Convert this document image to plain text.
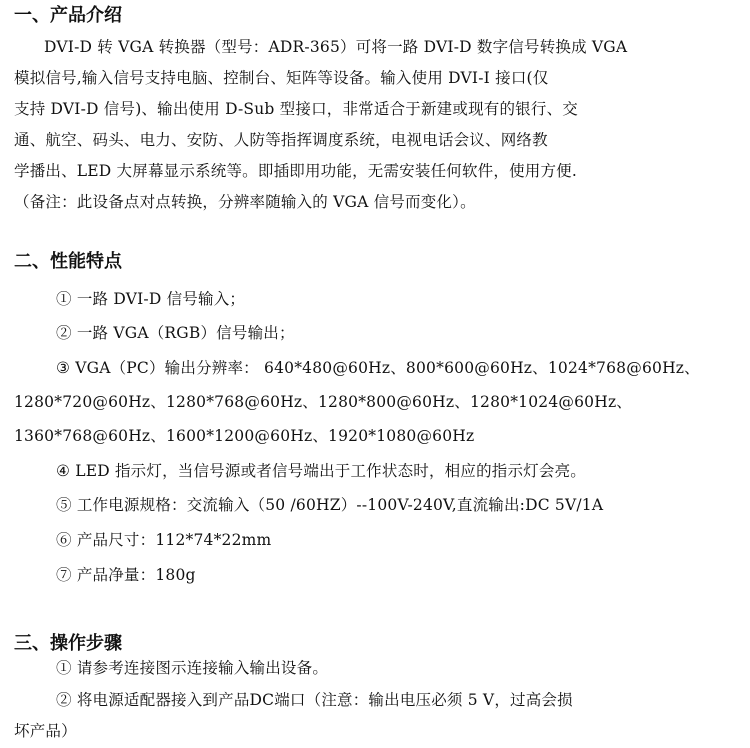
一、产品介绍
DVI-D 转 VGA 转换器（型号：ADR-365）可将一路 DVI-D 数字信号转换成 VGA
模拟信号,输入信号支持电脑、控制台、矩阵等设备。输入使用 DVI-I 接口(仅
支持 DVI-D 信号)、输出使用 D-Sub 型接口，非常适合于新建或现有的银行、交
通、航空、码头、电力、安防、人防等指挥调度系统，电视电话会议、网络教
学播出、LED 大屏幕显示系统等。即插即用功能，无需安装任何软件，使用方便.
（备注：此设备点对点转换，分辨率随输入的 VGA 信号而变化）。
二、性能特点
① 一路 DVI-D 信号输入；
② 一路 VGA（RGB）信号输出；
③ VGA（PC）输出分辨率： 640*480@60Hz、800*600@60Hz、1024*768@60Hz、
1280*720@60Hz、1280*768@60Hz、1280*800@60Hz、1280*1024@60Hz、
1360*768@60Hz、1600*1200@60Hz、1920*1080@60Hz
④ LED 指示灯，当信号源或者信号端出于工作状态时，相应的指示灯会亮。
⑤ 工作电源规格：交流输入（50 /60HZ）--100V-240V,直流输出:DC 5V/1A
⑥ 产品尺寸：112*74*22mm
⑦ 产品净量：180g
三、操作步骤
① 请参考连接图示连接输入输出设备。
② 将电源适配器接入到产品DC端口（注意：输出电压必须 5 V，过高会损
坏产品）
